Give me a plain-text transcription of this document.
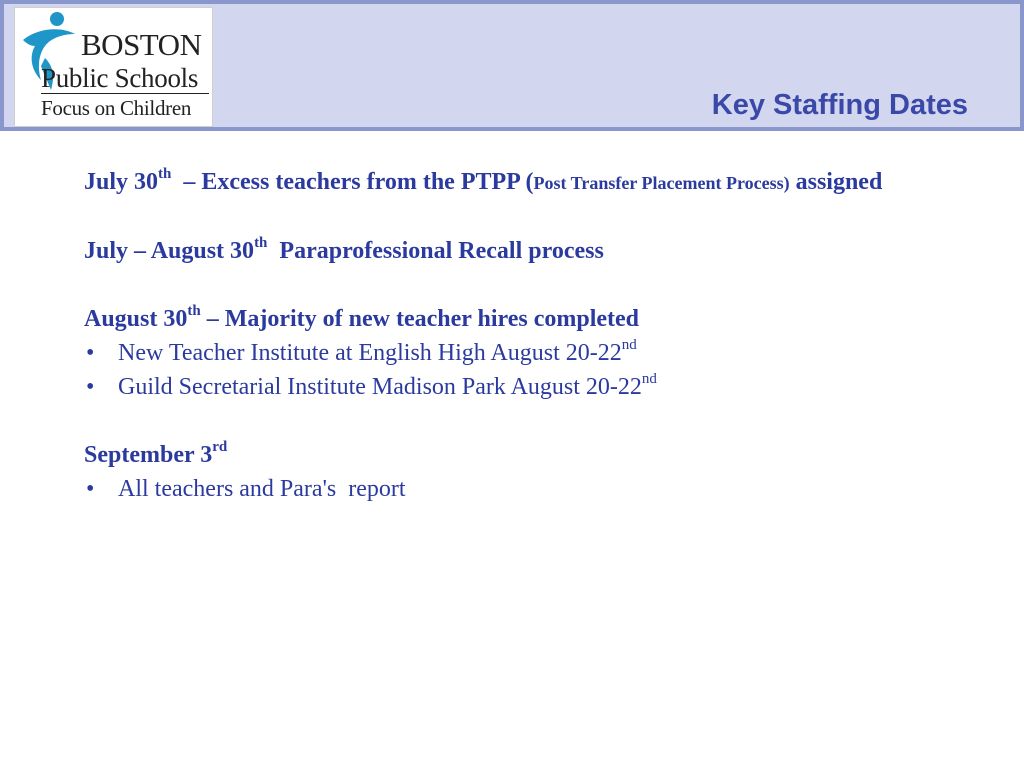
BOSTON
Public Schools
Focus on Children	Key Staffing Dates

July 30th  – Excess teachers from the PTPP (Post Transfer Placement Process) assigned

July – August 30th  Paraprofessional Recall process

August 30th – Majority of new teacher hires completed

• New Teacher Institute at English High August 20-22nd

• Guild Secretarial Institute Madison Park August 20-22nd

September 3rd

• All teachers and Para's  report
